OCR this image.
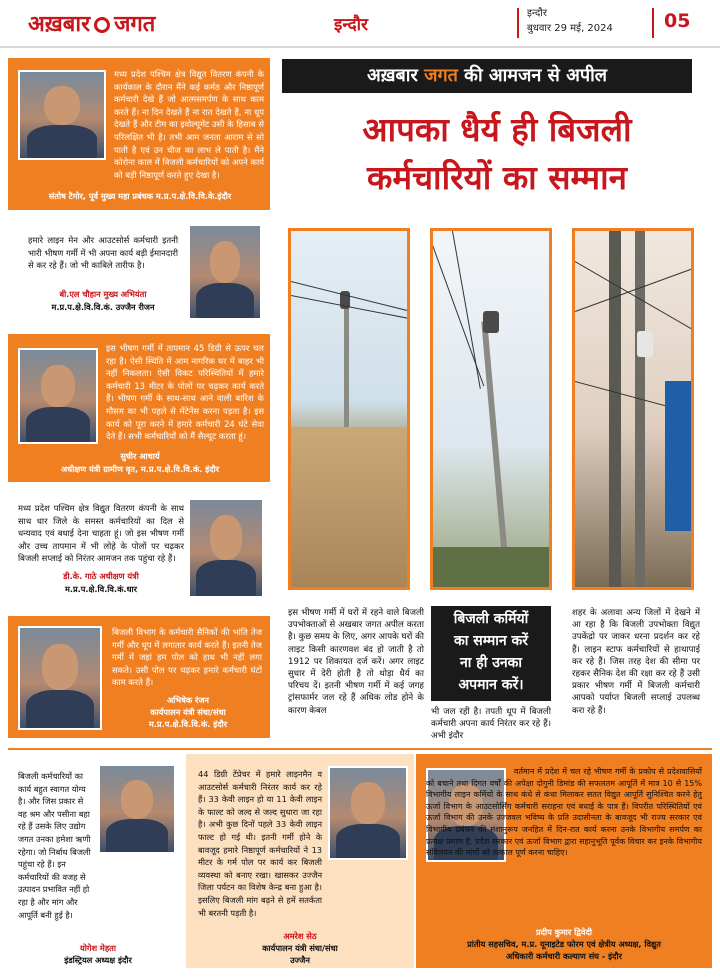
अख़बार जगत	इन्दौर
इन्दौर
बुधवार 29 मई, 2024	05
मध्य प्रदेश पश्चिम क्षेत्र विद्युत वितरण कंपनी के कार्यकाल के दौरान मैंने कई कर्मठ और निष्ठापूर्ण कर्मचारी देखे हैं जो आत्मसमर्पण के साथ काम करते हैं। ना दिन देखते हैं ना रात देखते हैं, ना धूप देखते हैं और टीम का इवोल्यूमेंट उसी के हिसाब से परिलक्षित भी है। तभी आम जनता आराम से सो पाती है एवं उन चीज का लाभ ले पाती है। मैंने कोरोना काल में बिजली कर्मचारियों को अपने कार्य को बड़ी निष्ठापूर्ण करते हुए देखा है।
संतोष टैगोर, पूर्व मुख्य महा प्रबंधक म.प्र.प.क्षे.वि.वि.के.इंदौर
हमारे लाइन मेन और आउटसोर्स कर्मचारी इतनी भारी भीषण गर्मी में भी अपना कार्य बड़ी ईमानदारी से कर रहे हैं। जो भी काबिले तारीफ है।
बी.एल चौहान मुख्य अभियंता
म.प्र.प.क्षे.वि.वि.कं. उज्जैन रीजन
इस भीषण गर्मी में तापमान 45 डिग्री से ऊपर चल रहा है। ऐसी स्थिति में आम नागरिक घर में बाहर भी नहीं निकलता। ऐसी विकट परिस्थितियों में हमारे कर्मचारी 13 मीटर के पोलों पर चढ़कर कार्य करते हैं। भीषण गर्मी के साथ-साथ आने वाली बारिश के मौसम का भी पहले से मेंटेनेंस करना पड़ता है। इस कार्य को पूरा करने में हमारे कर्मचारी 24 घंटे सेवा देते हैं। सभी कर्मचारियों को मैं सैल्यूट करता हूं।
सुधीर आचार्य
अधीक्षण यंत्री ग्रामीण वृत, म.प्र.प.क्षे.वि.वि.कं. इंदौर
मध्य प्रदेश पश्चिम क्षेत्र विद्युत वितरण कंपनी के साथ साथ धार जिले के समस्त कर्मचारियों का दिल से धन्यवाद एवं बधाई देना चाहता हूं। जो इस भीषण गर्मी और उच्च तापमान में भी लोहे के पोलों पर चढ़कर बिजली सप्लाई को निरंतर आमजन तक पहुंचा रहे हैं।
डी.के. गाठे अधीक्षण यंत्री
म.प्र.प.क्षे.वि.वि.कं.धार
बिजली विभाग के कर्मचारी सैनिकों की भांति तेज गर्मी और धूप में लगातार कार्य करते हैं। इतनी तेज गर्मी में जहां हम पोल को हाथ भी नहीं लगा सकते। उसी पोल पर चढ़कर हमारे कर्मचारी घंटों काम करते हैं।
अभिषेक रंजन
कार्यपालन यंत्री संधा/संधा
म.प्र.प.क्षे.वि.वि.कं. इंदौर
अख़बार जगत की आमजन से अपील
आपका धैर्य ही बिजली
कर्मचारियों का सम्मान
इस भीषण गर्मी में घरों में रहने वाले बिजली उपभोक्ताओं से अखबार जगत अपील करता है। कुछ समय के लिए, अगर आपके घरों की लाइट किसी कारणवश बंद हो जाती है तो 1912 पर शिकायत दर्ज करें। अगर लाइट सुधार में देरी होती है तो थोड़ा धैर्य का परिचय दें। इतनी भीषण गर्मी में कई जगह ट्रांसफार्मर जल रहे हैं अधिक लोड होने के कारण केबल
बिजली कर्मियों
का सम्मान करें
ना ही उनका
अपमान करें।
भी जल रही है। तपती धूप में बिजली कर्मचारी अपना कार्य निरंतर कर रहे हैं। अभी इंदौर
शहर के अलावा अन्य जिलों में देखने में आ रहा है कि बिजली उपभोक्ता विद्युत उपकेंद्रो पर जाकर धरना प्रदर्शन कर रहे हैं। लाइन स्टाफ कर्मचारियों से हाथापाई कर रहे हैं। जिस तरह देश की सीमा पर रहकर सैनिक देश की रक्षा कर रहे हैं उसी प्रकार भीषण गर्मी में बिजली कर्मचारी आपको पर्याप्त बिजली सप्लाई उपलब्ध करा रहे हैं।
बिजली कर्मचारियों का कार्य बहुत स्वागत योग्य है। और जिस प्रकार से वह श्रम और पसीना बहा रहे हैं उसके लिए उद्योग जगत उनका हमेशा ऋणी रहेगा। जो निर्बाध बिजली पहुंचा रहे हैं। इन कर्मचारियों की वजह से उत्पादन प्रभावित नहीं हो रहा है और मांग और आपूर्ति बनी हुई है।
योगेश मेहता
इंडस्ट्रियल अध्यक्ष इंदौर
44 डिग्री टेंप्रेचर में हमारे लाइनमैन व आउटसोर्स कर्मचारी निरंतर कार्य कर रहे हैं। 33 केवी लाइन हो या 11 केवी लाइन के फाल्ट को जल्द से जल्द सुधारा जा रहा है। अभी कुछ दिनों पहले 33 केवी लाइन फाल्ट हो गई थी। इतनी गर्मी होने के बावजूद हमारे निष्ठापूर्ण कर्मचारियों ने 13 मीटर के गर्म पोल पर कार्य कर बिजली व्यवस्था को बनाए रखा। खासकर उज्जैन जिला पर्यटन का विशेष केन्द्र बना हुआ है। इसलिए बिजली मांग बढ़ने से हमें सतर्कता भी बरतनी पड़ती है।
अमरेश सेठ
कार्यपालन यंत्री संधा/संधा
उज्जैन
वर्तमान में प्रदेश में चल रहे भीषण गर्मी के प्रकोप से प्रदेशवासियों को बचाने तथा दिगत वर्षों की अपेक्षा दोगुनी डिमांड की सफलतम आपूर्ति में मात्र 10 से 15% विभागीय लाइन कर्मियों के साथ कंधे से कंधा मिलाकर सतत विद्युत आपूर्ति सुनिश्चित करने हेतु ऊर्जा विभाग के आउटसोर्सिंग कर्मचारी सराहना एवं बधाई के पात्र हैं। विपरीत परिस्थितियों एवं ऊर्जा विभाग की उनके उज्जवल भविष्य के प्रति उदासीनता के बावजूद भी राज्य सरकार एवं विभागीय प्रबंधन की मंशानुरूप जनहित में दिन-रात कार्य करना उनके विभागीय समर्पण का प्रत्यक्ष प्रमाण है, प्रदेश सरकार एवं ऊर्जा विभाग द्वारा सहानुभूति पूर्वक विचार कर इनके विभागीय संविलयन की मांगों को तत्काल पूर्ण करना चाहिए।
प्रदीप कुमार द्विवेदी
प्रांतीय सहसचिव, म.प्र. यूनाइटेड फोरम एवं क्षेत्रीय अध्यक्ष, विद्युत
अधिकारी कर्मचारी कल्याण संघ - इंदौर
